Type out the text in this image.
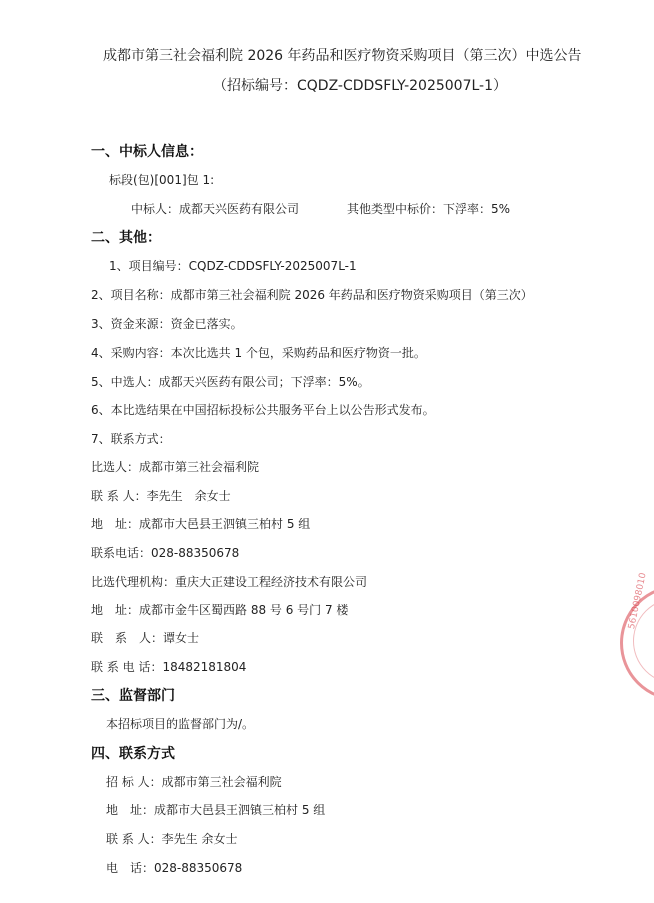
成都市第三社会福利院 2026 年药品和医疗物资采购项目（第三次）中选公告
（招标编号：CQDZ-CDDSFLY-2025007L-1）
一、中标人信息：
标段(包)[001]包 1:
中标人：成都天兴医药有限公司	其他类型中标价：下浮率：5%
二、其他：
1、项目编号：CQDZ-CDDSFLY-2025007L-1
2、项目名称：成都市第三社会福利院 2026 年药品和医疗物资采购项目（第三次）
3、资金来源：资金已落实。
4、采购内容：本次比选共 1 个包，采购药品和医疗物资一批。
5、中选人：成都天兴医药有限公司；下浮率：5%。
6、本比选结果在中国招标投标公共服务平台上以公告形式发布。
7、联系方式：
比选人：成都市第三社会福利院
联 系 人：李先生　余女士
地　址：成都市大邑县王泗镇三柏村 5 组
联系电话：028-88350678
比选代理机构：重庆大正建设工程经济技术有限公司
地　址：成都市金牛区蜀西路 88 号 6 号门 7 楼
联　系　人：谭女士
联 系 电 话：18482181804
三、监督部门
本招标项目的监督部门为/。
四、联系方式
招 标 人：成都市第三社会福利院
地　址：成都市大邑县王泗镇三柏村 5 组
联 系 人：李先生 余女士
电　话：028-88350678
5610098010
